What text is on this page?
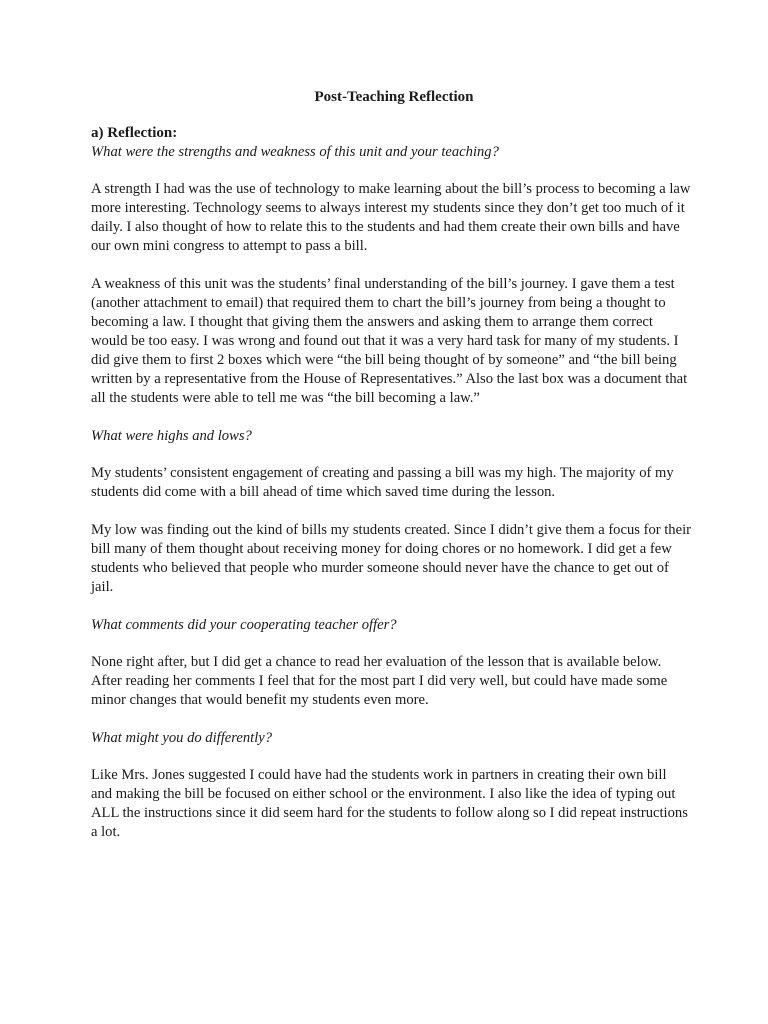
Post-Teaching Reflection
a) Reflection:
What were the strengths and weakness of this unit and your teaching?

A strength I had was the use of technology to make learning about the bill’s process to becoming a law more interesting. Technology seems to always interest my students since they don’t get too much of it daily. I also thought of how to relate this to the students and had them create their own bills and have our own mini congress to attempt to pass a bill.

A weakness of this unit was the students’ final understanding of the bill’s journey. I gave them a test (another attachment to email) that required them to chart the bill’s journey from being a thought to becoming a law. I thought that giving them the answers and asking them to arrange them correct would be too easy. I was wrong and found out that it was a very hard task for many of my students. I did give them to first 2 boxes which were “the bill being thought of by someone” and “the bill being written by a representative from the House of Representatives.” Also the last box was a document that all the students were able to tell me was “the bill becoming a law.”

What were highs and lows?

My students’ consistent engagement of creating and passing a bill was my high. The majority of my students did come with a bill ahead of time which saved time during the lesson.

My low was finding out the kind of bills my students created. Since I didn’t give them a focus for their bill many of them thought about receiving money for doing chores or no homework. I did get a few students who believed that people who murder someone should never have the chance to get out of jail.

What comments did your cooperating teacher offer?

None right after, but I did get a chance to read her evaluation of the lesson that is available below. After reading her comments I feel that for the most part I did very well, but could have made some minor changes that would benefit my students even more.

What might you do differently?

Like Mrs. Jones suggested I could have had the students work in partners in creating their own bill and making the bill be focused on either school or the environment. I also like the idea of typing out ALL the instructions since it did seem hard for the students to follow along so I did repeat instructions a lot.
